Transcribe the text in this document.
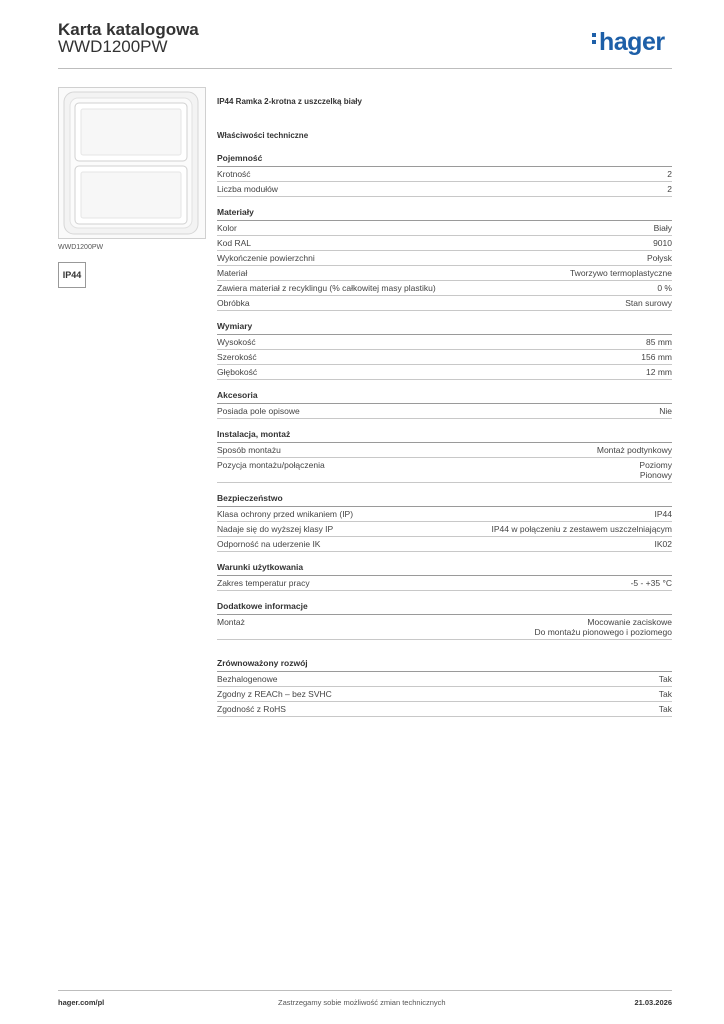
Karta katalogowa
WWD1200PW	hager
WWD1200PW
IP44
IP44 Ramka 2-krotna z uszczelką biały
Właściwości techniczne
Pojemność
Krotność	2
Liczba modułów	2
Materiały
Kolor	Biały
Kod RAL	9010
Wykończenie powierzchni	Połysk
Materiał	Tworzywo termoplastyczne
Zawiera materiał z recyklingu (% całkowitej masy plastiku)	0 %
Obróbka	Stan surowy
Wymiary
Wysokość	85 mm
Szerokość	156 mm
Głębokość	12 mm
Akcesoria
Posiada pole opisowe	Nie
Instalacja, montaż
Sposób montażu	Montaż podtynkowy
Pozycja montażu/połączenia	Poziomy
Pionowy
Bezpieczeństwo
Klasa ochrony przed wnikaniem (IP)	IP44
Nadaje się do wyższej klasy IP	IP44 w połączeniu z zestawem uszczelniającym
Odporność na uderzenie IK	IK02
Warunki użytkowania
Zakres temperatur pracy	-5 - +35 °C
Dodatkowe informacje
Montaż	Mocowanie zaciskowe
Do montażu pionowego i poziomego
Zrównoważony rozwój
Bezhalogenowe	Tak
Zgodny z REACh – bez SVHC	Tak
Zgodność z RoHS	Tak
hager.com/pl	Zastrzegamy sobie możliwość zmian technicznych	21.03.2026
